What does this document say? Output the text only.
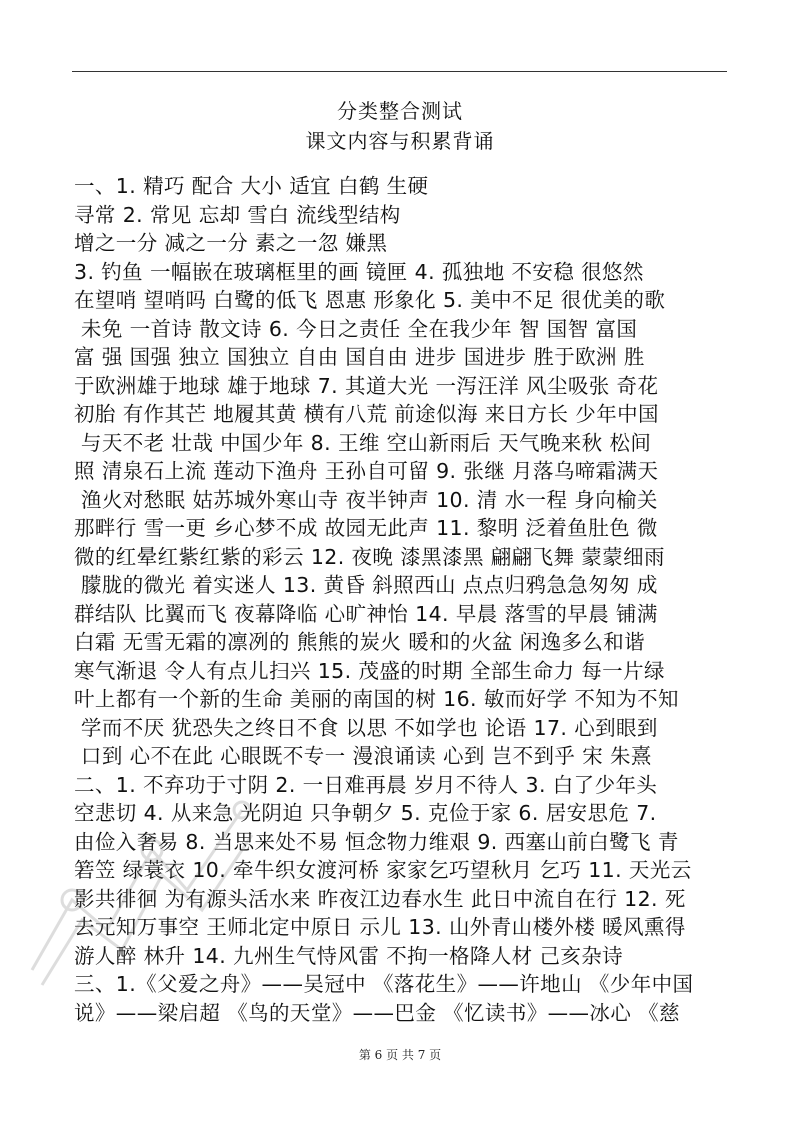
分类整合测试
课文内容与积累背诵
一、1. 精巧 配合 大小 适宜 白鹤 生硬
寻常 2. 常见 忘却 雪白 流线型结构
增之一分 减之一分 素之一忽 嫌黑
3. 钓鱼 一幅嵌在玻璃框里的画 镜匣 4. 孤独地 不安稳 很悠然
在望哨 望哨吗 白鹭的低飞 恩惠 形象化 5. 美中不足 很优美的歌
未免 一首诗 散文诗 6. 今日之责任 全在我少年 智 国智 富国
富 强 国强 独立 国独立 自由 国自由 进步 国进步 胜于欧洲 胜
于欧洲雄于地球 雄于地球 7. 其道大光 一泻汪洋 风尘吸张 奇花
初胎 有作其芒 地履其黄 横有八荒 前途似海 来日方长 少年中国
与天不老 壮哉 中国少年 8. 王维 空山新雨后 天气晚来秋 松间
照 清泉石上流 莲动下渔舟 王孙自可留 9. 张继 月落乌啼霜满天
渔火对愁眠 姑苏城外寒山寺 夜半钟声 10. 清 水一程 身向榆关
那畔行 雪一更 乡心梦不成 故园无此声 11. 黎明 泛着鱼肚色 微
微的红晕红紫红紫的彩云 12. 夜晚 漆黑漆黑 翩翩飞舞 蒙蒙细雨
朦胧的微光 着实迷人 13. 黄昏 斜照西山 点点归鸦急急匆匆 成
群结队 比翼而飞 夜幕降临 心旷神怡 14. 早晨 落雪的早晨 铺满
白霜 无雪无霜的凛冽的 熊熊的炭火 暖和的火盆 闲逸多么和谐
寒气渐退 令人有点儿扫兴 15. 茂盛的时期 全部生命力 每一片绿
叶上都有一个新的生命 美丽的南国的树 16. 敏而好学 不知为不知
学而不厌 犹恐失之终日不食 以思 不如学也 论语 17. 心到眼到
口到 心不在此 心眼既不专一 漫浪诵读 心到 岂不到乎 宋 朱熹
二、1. 不弃功于寸阴 2. 一日难再晨 岁月不待人 3. 白了少年头
空悲切 4. 从来急 光阴迫 只争朝夕 5. 克俭于家 6. 居安思危 7.
由俭入奢易 8. 当思来处不易 恒念物力维艰 9. 西塞山前白鹭飞 青
箬笠 绿蓑衣 10. 牵牛织女渡河桥 家家乞巧望秋月 乞巧 11. 天光云
影共徘徊 为有源头活水来 昨夜江边春水生 此日中流自在行 12. 死
去元知万事空 王师北定中原日 示儿 13. 山外青山楼外楼 暖风熏得
游人醉 林升 14. 九州生气恃风雷 不拘一格降人材 己亥杂诗
三、1.《父爱之舟》——吴冠中 《落花生》——许地山 《少年中国
说》——梁启超 《鸟的天堂》——巴金 《忆读书》——冰心 《慈
第 6 页 共 7 页
